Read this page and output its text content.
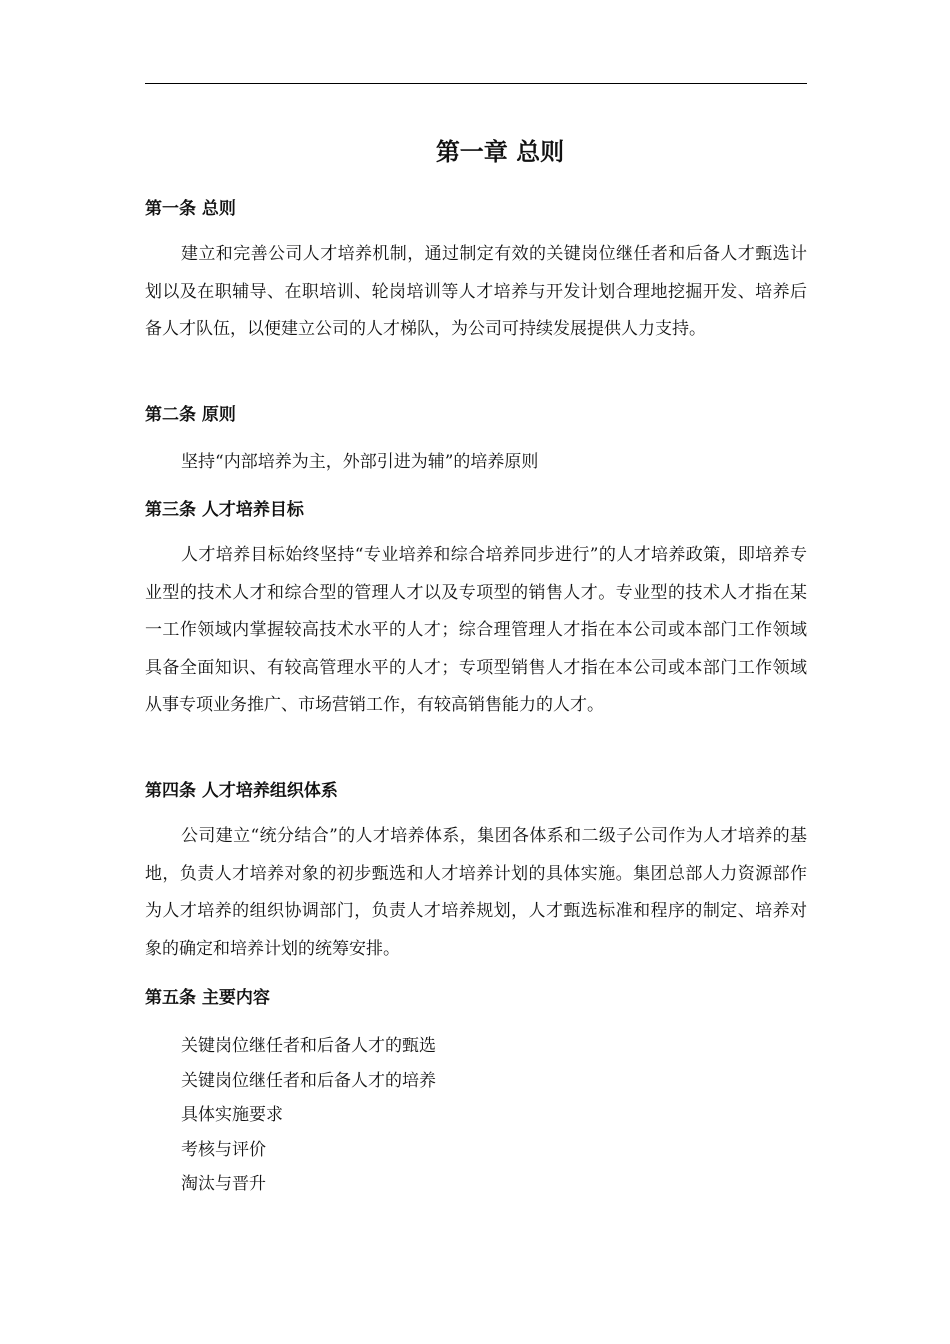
第一章 总则
第一条 总则

建立和完善公司人才培养机制，通过制定有效的关键岗位继任者和后备人才甄选计划以及在职辅导、在职培训、轮岗培训等人才培养与开发计划合理地挖掘开发、培养后备人才队伍，以便建立公司的人才梯队，为公司可持续发展提供人力支持。

第二条 原则

坚持“内部培养为主，外部引进为辅”的培养原则

第三条 人才培养目标

人才培养目标始终坚持“专业培养和综合培养同步进行”的人才培养政策，即培养专业型的技术人才和综合型的管理人才以及专项型的销售人才。专业型的技术人才指在某一工作领域内掌握较高技术水平的人才；综合理管理人才指在本公司或本部门工作领域具备全面知识、有较高管理水平的人才；专项型销售人才指在本公司或本部门工作领域从事专项业务推广、市场营销工作，有较高销售能力的人才。

第四条 人才培养组织体系

公司建立“统分结合”的人才培养体系，集团各体系和二级子公司作为人才培养的基地，负责人才培养对象的初步甄选和人才培养计划的具体实施。集团总部人力资源部作为人才培养的组织协调部门，负责人才培养规划，人才甄选标准和程序的制定、培养对象的确定和培养计划的统筹安排。

第五条 主要内容
关键岗位继任者和后备人才的甄选
关键岗位继任者和后备人才的培养
具体实施要求
考核与评价
淘汰与晋升
